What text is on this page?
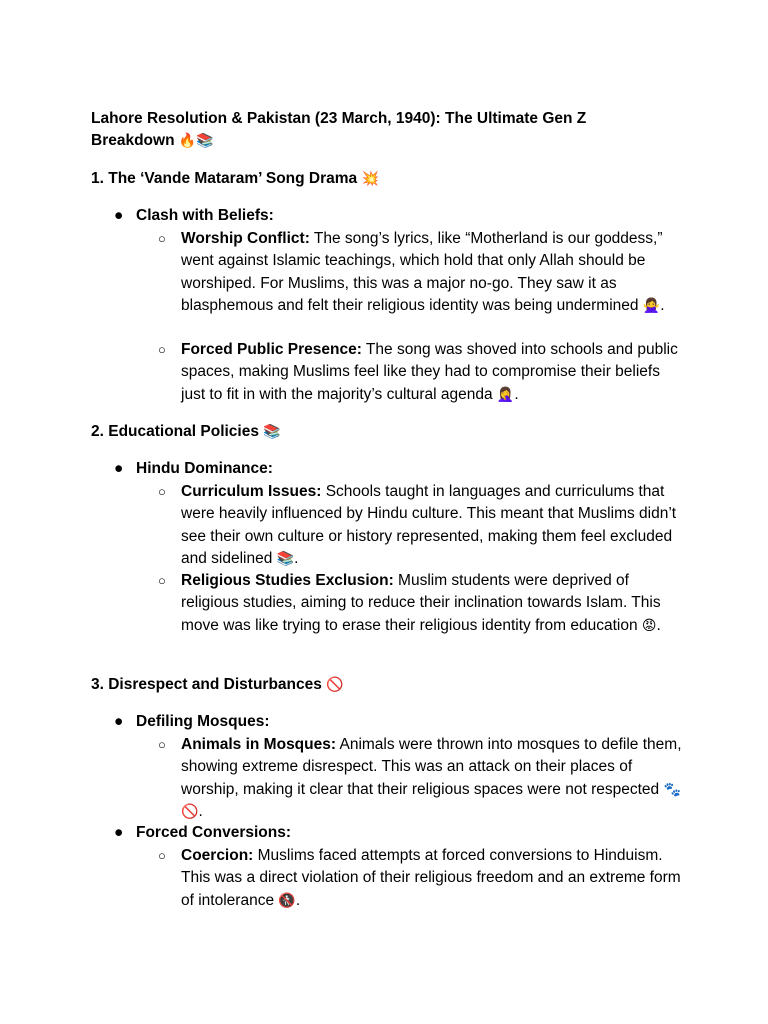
Lahore Resolution & Pakistan (23 March, 1940): The Ultimate Gen Z Breakdown 🔥📚
1. The ‘Vande Mataram’ Song Drama 💥
● Clash with Beliefs:
○ Worship Conflict: The song’s lyrics, like “Motherland is our goddess,” went against Islamic teachings, which hold that only Allah should be worshiped. For Muslims, this was a major no-go. They saw it as blasphemous and felt their religious identity was being undermined 🙅‍♀️.
○ Forced Public Presence: The song was shoved into schools and public spaces, making Muslims feel like they had to compromise their beliefs just to fit in with the majority’s cultural agenda 🤦‍♀️.
2. Educational Policies 📚
● Hindu Dominance:
○ Curriculum Issues: Schools taught in languages and curriculums that were heavily influenced by Hindu culture. This meant that Muslims didn’t see their own culture or history represented, making them feel excluded and sidelined 📚.
○ Religious Studies Exclusion: Muslim students were deprived of religious studies, aiming to reduce their inclination towards Islam. This move was like trying to erase their religious identity from education 😡.
3. Disrespect and Disturbances 🚫
● Defiling Mosques:
○ Animals in Mosques: Animals were thrown into mosques to defile them, showing extreme disrespect. This was an attack on their places of worship, making it clear that their religious spaces were not respected 🐾🚫.
● Forced Conversions:
○ Coercion: Muslims faced attempts at forced conversions to Hinduism. This was a direct violation of their religious freedom and an extreme form of intolerance 🚷.
